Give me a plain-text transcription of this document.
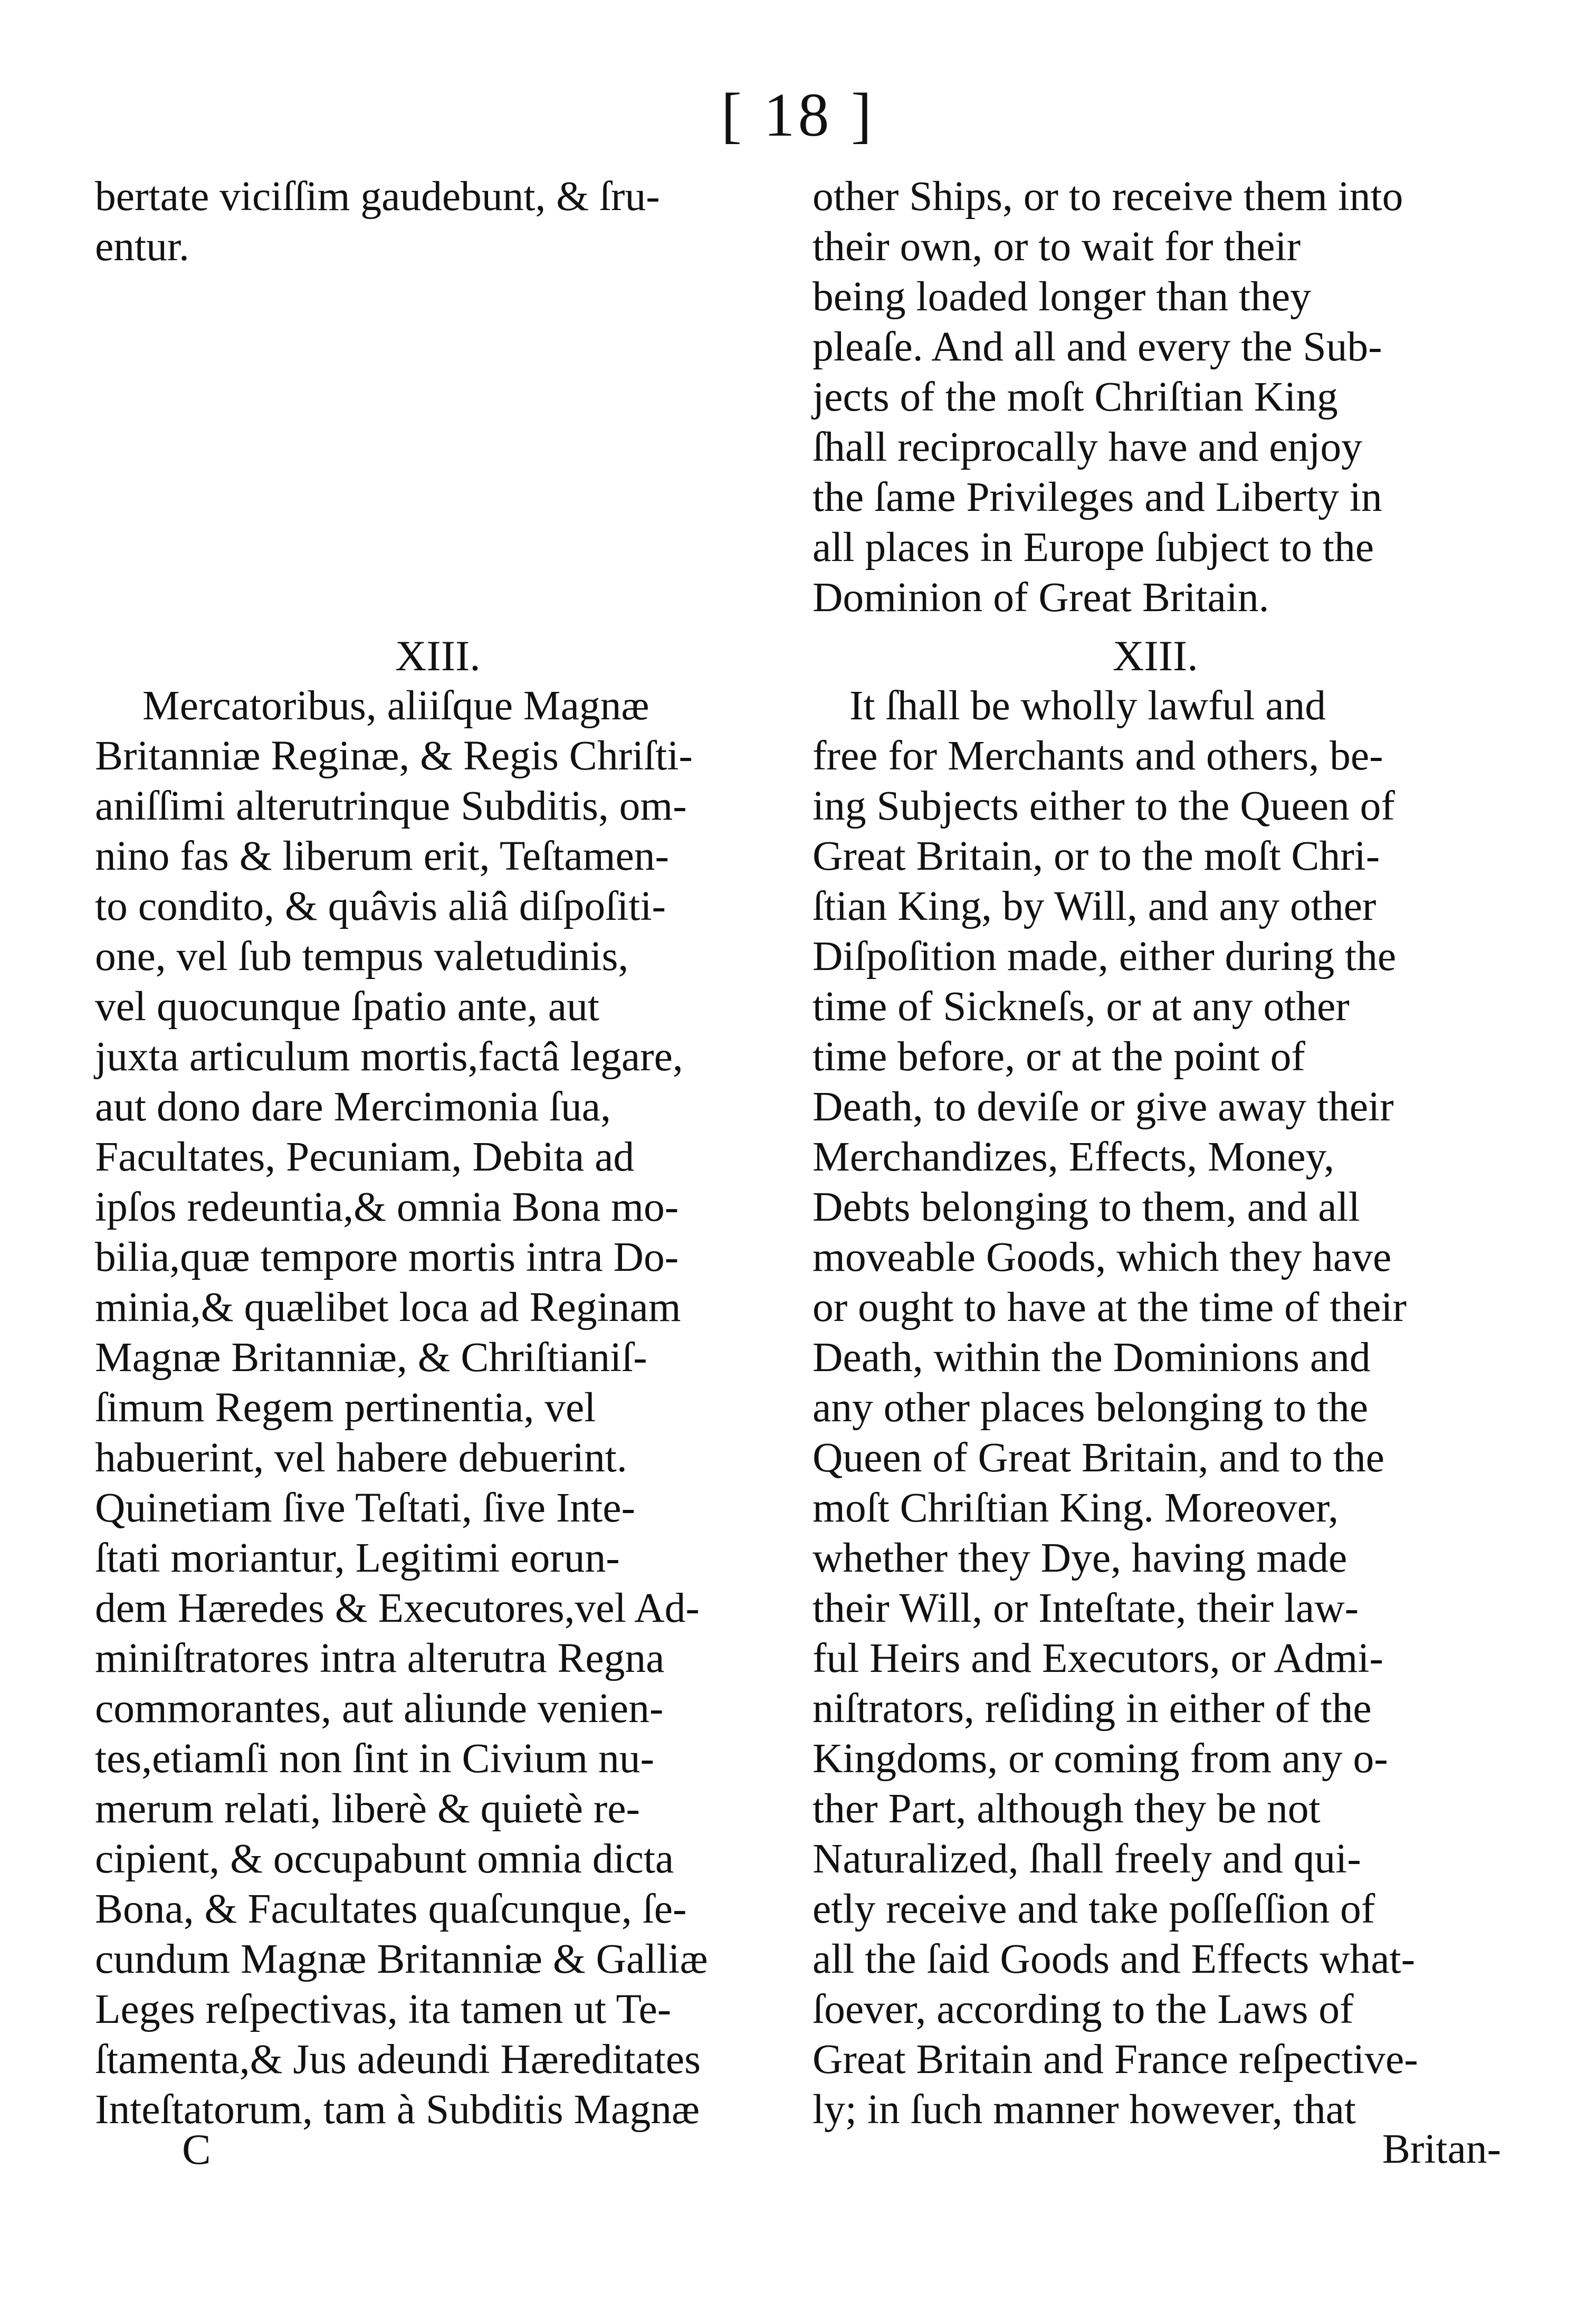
[ 18 ]
bertate viciſſim gaudebunt, & ſru-
entur.
other Ships, or to receive them into
their own, or to wait for their
being loaded longer than they
pleaſe. And all and every the Sub-
jects of the moſt Chriſtian King
ſhall reciprocally have and enjoy
the ſame Privileges and Liberty in
all places in Europe ſubject to the
Dominion of Great Britain.
XIII.	XIII.
Mercatoribus, aliiſque Magnæ
Britanniæ Reginæ, & Regis Chriſti-
aniſſimi alterutrinque Subditis, om-
nino fas & liberum erit, Teſtamen-
to condito, & quâvis aliâ diſpoſiti-
one, vel ſub tempus valetudinis,
vel quocunque ſpatio ante, aut
juxta articulum mortis,factâ legare,
aut dono dare Mercimonia ſua,
Facultates, Pecuniam, Debita ad
ipſos redeuntia,& omnia Bona mo-
bilia,quæ tempore mortis intra Do-
minia,& quælibet loca ad Reginam
Magnæ Britanniæ, & Chriſtianiſ-
ſimum Regem pertinentia, vel
habuerint, vel habere debuerint.
Quinetiam ſive Teſtati, ſive Inte-
ſtati moriantur, Legitimi eorun-
dem Hæredes & Executores,vel Ad-
miniſtratores intra alterutra Regna
commorantes, aut aliunde venien-
tes,etiamſi non ſint in Civium nu-
merum relati, liberè & quietè re-
cipient, & occupabunt omnia dicta
Bona, & Facultates quaſcunque, ſe-
cundum Magnæ Britanniæ & Galliæ
Leges reſpectivas, ita tamen ut Te-
ſtamenta,& Jus adeundi Hæreditates
Inteſtatorum, tam à Subditis Magnæ
It ſhall be wholly lawful and
free for Merchants and others, be-
ing Subjects either to the Queen of
Great Britain, or to the moſt Chri-
ſtian King, by Will, and any other
Diſpoſition made, either during the
time of Sickneſs, or at any other
time before, or at the point of
Death, to deviſe or give away their
Merchandizes, Effects, Money,
Debts belonging to them, and all
moveable Goods, which they have
or ought to have at the time of their
Death, within the Dominions and
any other places belonging to the
Queen of Great Britain, and to the
moſt Chriſtian King. Moreover,
whether they Dye, having made
their Will, or Inteſtate, their law-
ful Heirs and Executors, or Admi-
niſtrators, reſiding in either of the
Kingdoms, or coming from any o-
ther Part, although they be not
Naturalized, ſhall freely and qui-
etly receive and take poſſeſſion of
all the ſaid Goods and Effects what-
ſoever, according to the Laws of
Great Britain and France reſpective-
ly; in ſuch manner however, that
C	Britan-
